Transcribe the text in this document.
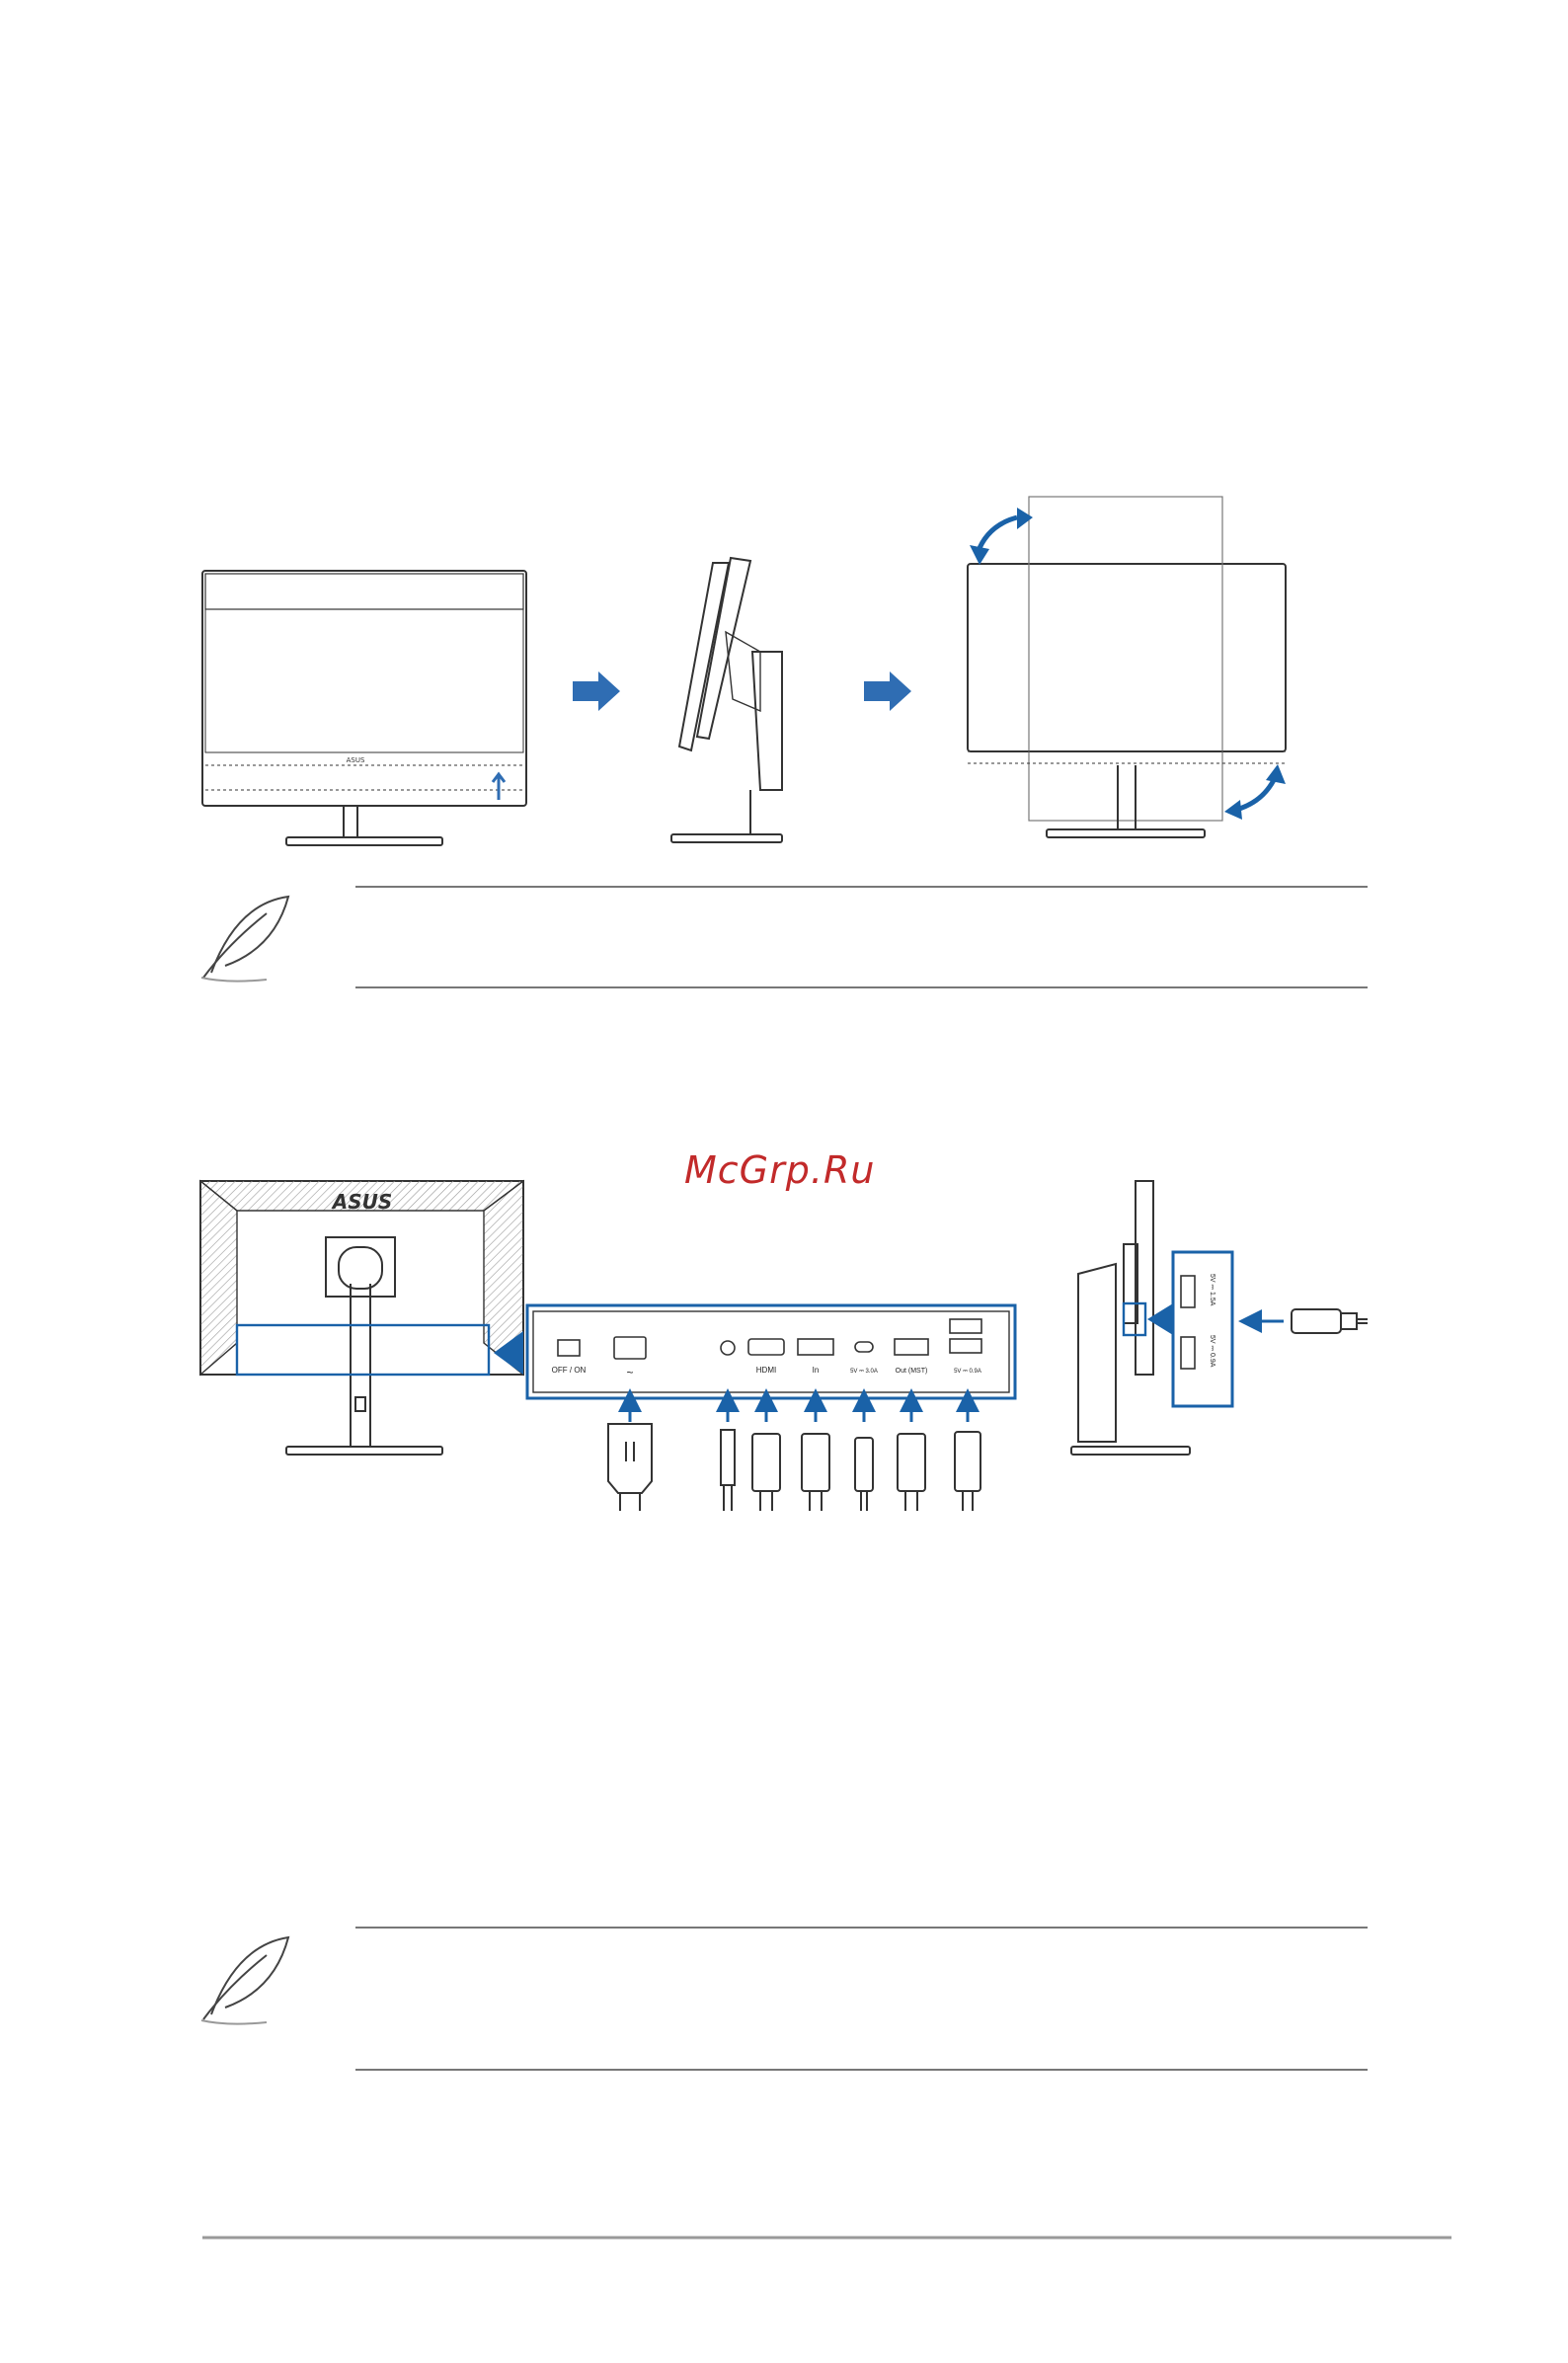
ASUS
ASUS
OFF / ON	~	HDMI	In	5V ⎓ 3.0A	Out (MST)	5V ⎓ 0.9A
5V ⎓ 1.5A
5V ⎓ 0.9A
McGrp.Ru
